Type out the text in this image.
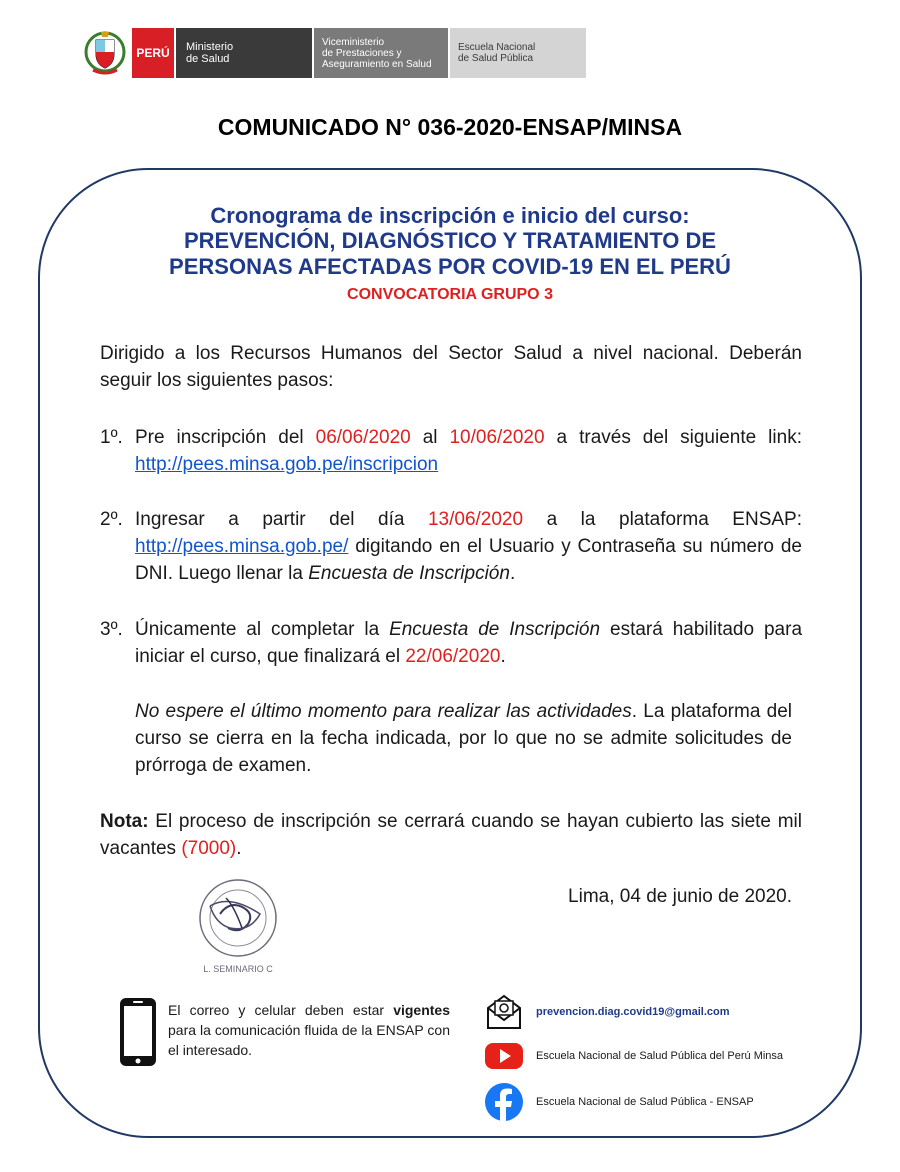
PERÚ	Ministerio
de Salud
Viceministerio
de Prestaciones y
Aseguramiento en Salud
Escuela Nacional
de Salud Pública
COMUNICADO N° 036-2020-ENSAP/MINSA
Cronograma de inscripción e inicio del curso:
PREVENCIÓN, DIAGNÓSTICO Y TRATAMIENTO DE
PERSONAS AFECTADAS POR COVID-19 EN EL PERÚ
CONVOCATORIA GRUPO 3
Dirigido a los Recursos Humanos del Sector Salud a nivel nacional. Deberán seguir los siguientes pasos:
1º. Pre inscripción del 06/06/2020 al 10/06/2020 a través del siguiente link: http://pees.minsa.gob.pe/inscripcion
2º. Ingresar a partir del día 13/06/2020 a la plataforma ENSAP: http://pees.minsa.gob.pe/ digitando en el Usuario y Contraseña su número de DNI. Luego llenar la Encuesta de Inscripción.
3º. Únicamente al completar la Encuesta de Inscripción estará habilitado para iniciar el curso, que finalizará el 22/06/2020.
No espere el último momento para realizar las actividades. La plataforma del curso se cierra en la fecha indicada, por lo que no se admite solicitudes de prórroga de examen.
Nota: El proceso de inscripción se cerrará cuando se hayan cubierto las siete mil vacantes (7000).
L. SEMINARIO C
Lima, 04 de junio de 2020.
El correo y celular deben estar vigentes para la comunicación fluida de la ENSAP con el interesado.
prevencion.diag.covid19@gmail.com
Escuela Nacional de Salud Pública del Perú Minsa
Escuela Nacional de Salud Pública - ENSAP
